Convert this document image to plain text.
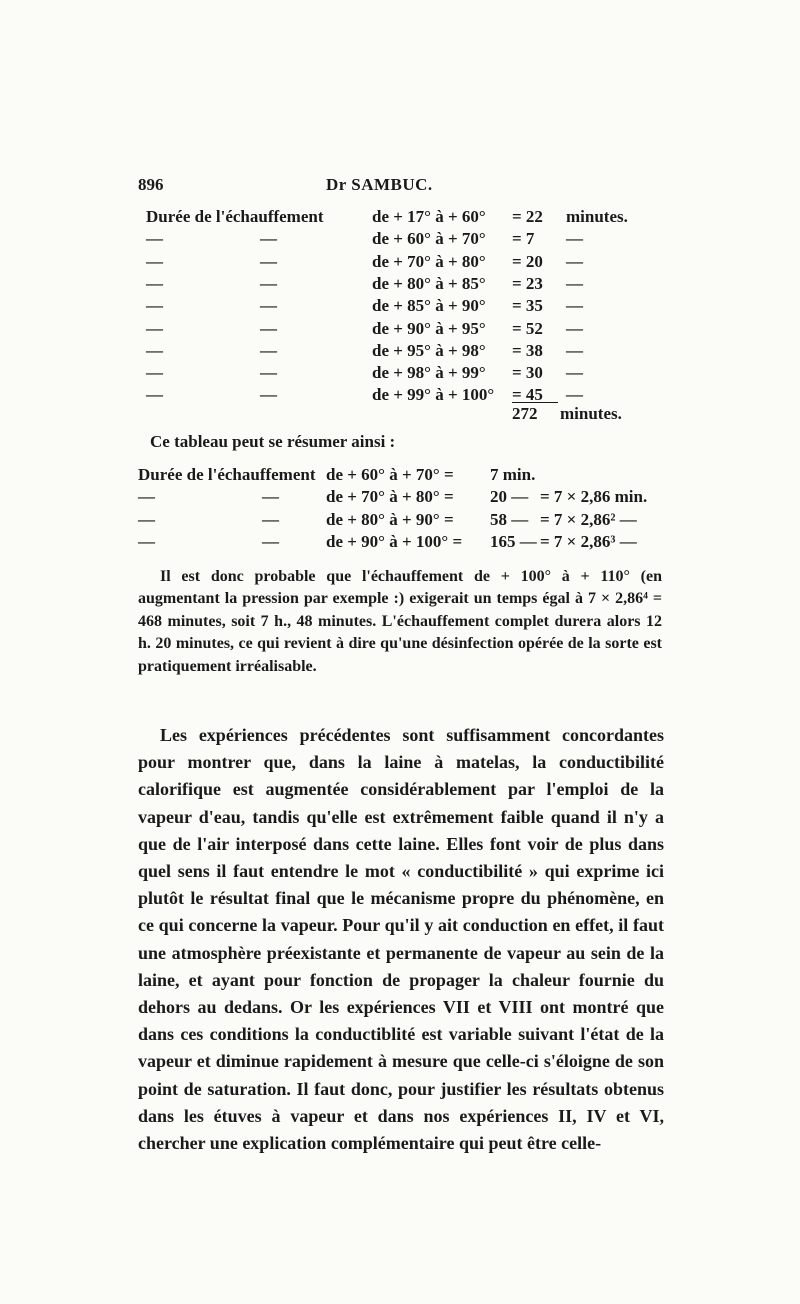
896	Dr SAMBUC.
Durée de l'échauffement	de + 17° à + 60° = 22 minutes.
—	—	de + 60° à + 70° = 7 —
—	—	de + 70° à + 80° = 20 —
—	—	de + 80° à + 85° = 23 —
—	—	de + 85° à + 90° = 35 —
—	—	de + 90° à + 95° = 52 —
—	—	de + 95° à + 98° = 38 —
—	—	de + 98° à + 99° = 30 —
—	—	de + 99° à + 100° = 45 —
272 minutes.
Ce tableau peut se résumer ainsi :
Durée de l'échauffement de + 60° à + 70° = 7 min.
—	—	de + 70° à + 80° = 20 — = 7 × 2,86 min.
—	—	de + 80° à + 90° = 58 — = 7 × 2,86² —
—	—	de + 90° à + 100° = 165 — = 7 × 2,86³ —

Il est donc probable que l'échauffement de + 100° à + 110° (en augmentant la pression par exemple :) exigerait un temps égal à 7 × 2,86⁴ = 468 minutes, soit 7 h., 48 minutes. L'échauffement complet durera alors 12 h. 20 minutes, ce qui revient à dire qu'une désinfection opérée de la sorte est pratiquement irréalisable.

Les expériences précédentes sont suffisamment concordantes pour montrer que, dans la laine à matelas, la conductibilité calorifique est augmentée considérablement par l'emploi de la vapeur d'eau, tandis qu'elle est extrêmement faible quand il n'y a que de l'air interposé dans cette laine. Elles font voir de plus dans quel sens il faut entendre le mot « conductibilité » qui exprime ici plutôt le résultat final que le mécanisme propre du phénomène, en ce qui concerne la vapeur. Pour qu'il y ait conduction en effet, il faut une atmosphère préexistante et permanente de vapeur au sein de la laine, et ayant pour fonction de propager la chaleur fournie du dehors au dedans. Or les expériences VII et VIII ont montré que dans ces conditions la conductiblité est variable suivant l'état de la vapeur et diminue rapidement à mesure que celle-ci s'éloigne de son point de saturation. Il faut donc, pour justifier les résultats obtenus dans les étuves à vapeur et dans nos expériences II, IV et VI, chercher une explication complémentaire qui peut être celle-
